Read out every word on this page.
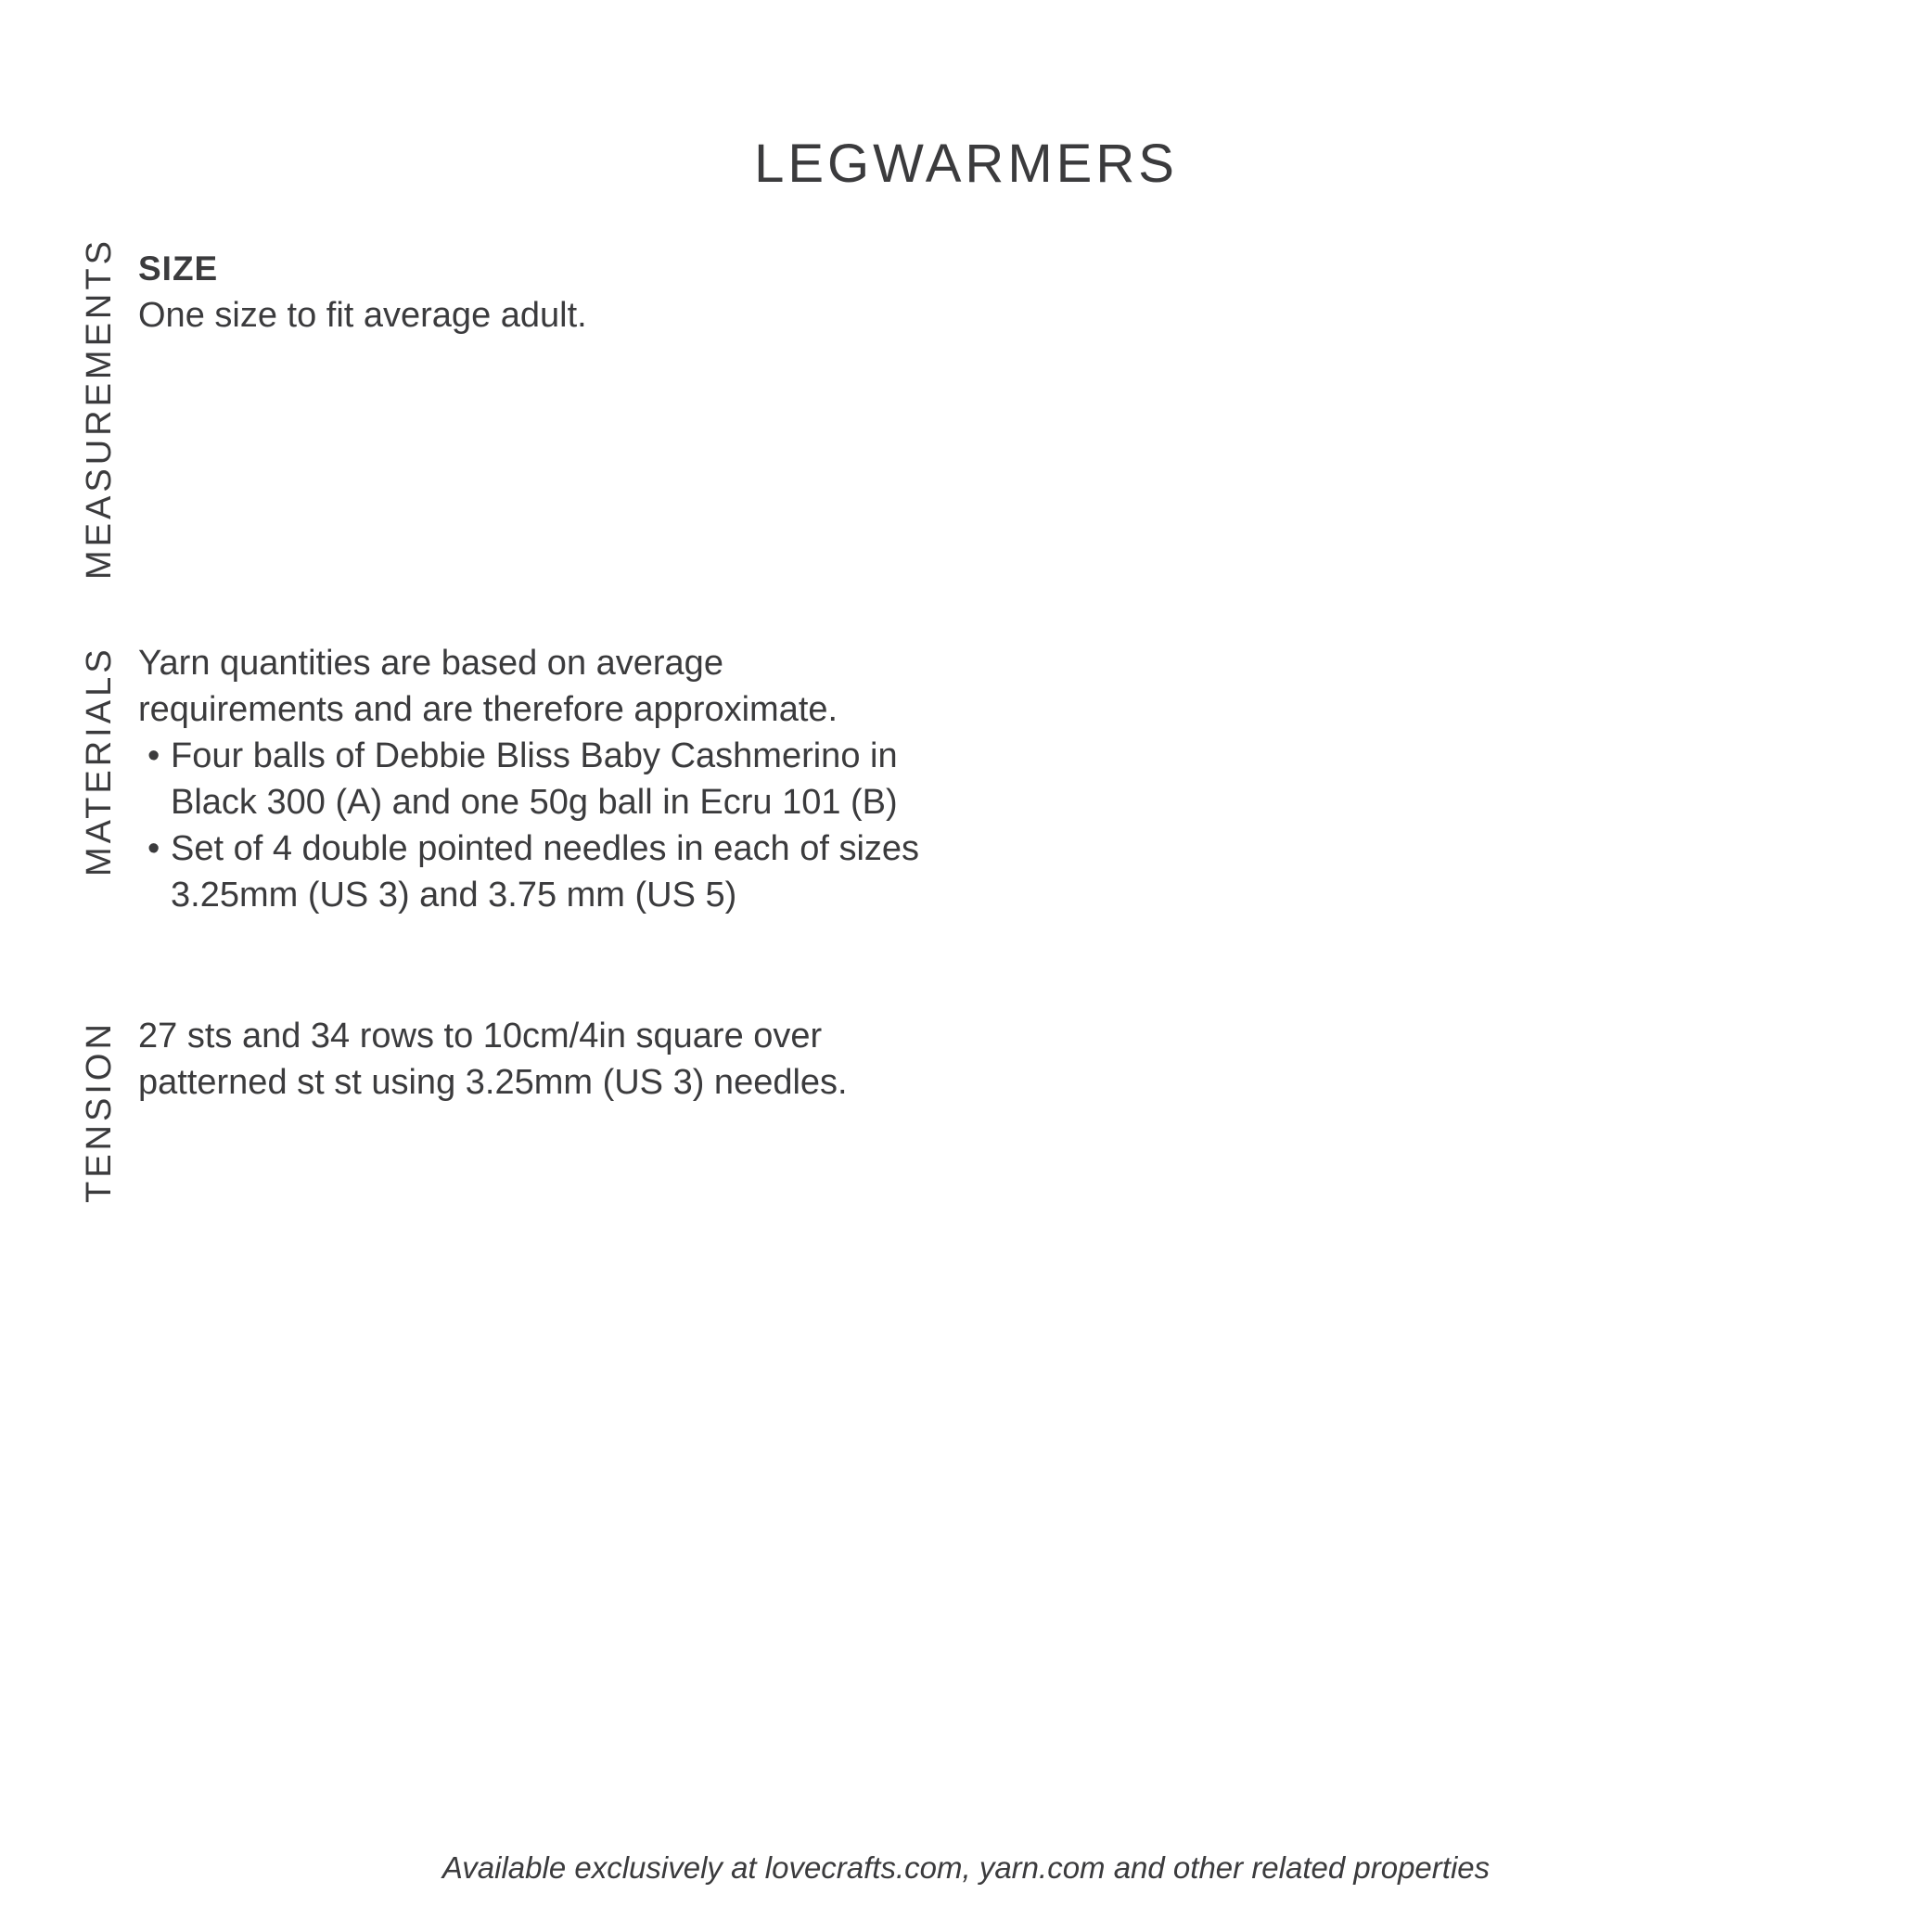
LEGWARMERS
MEASUREMENTS SIZE

One size to fit average adult.

MATERIALS Yarn quantities are based on average requirements and are therefore approximate.

• Four balls of Debbie Bliss Baby Cashmerino in Black 300 (A) and one 50g ball in Ecru 101 (B)
• Set of 4 double pointed needles in each of sizes 3.25mm (US 3) and 3.75 mm (US 5)
TENSION 27 sts and 34 rows to 10cm/4in square over patterned st st using 3.25mm (US 3) needles.

Available exclusively at lovecrafts.com, yarn.com and other related properties
